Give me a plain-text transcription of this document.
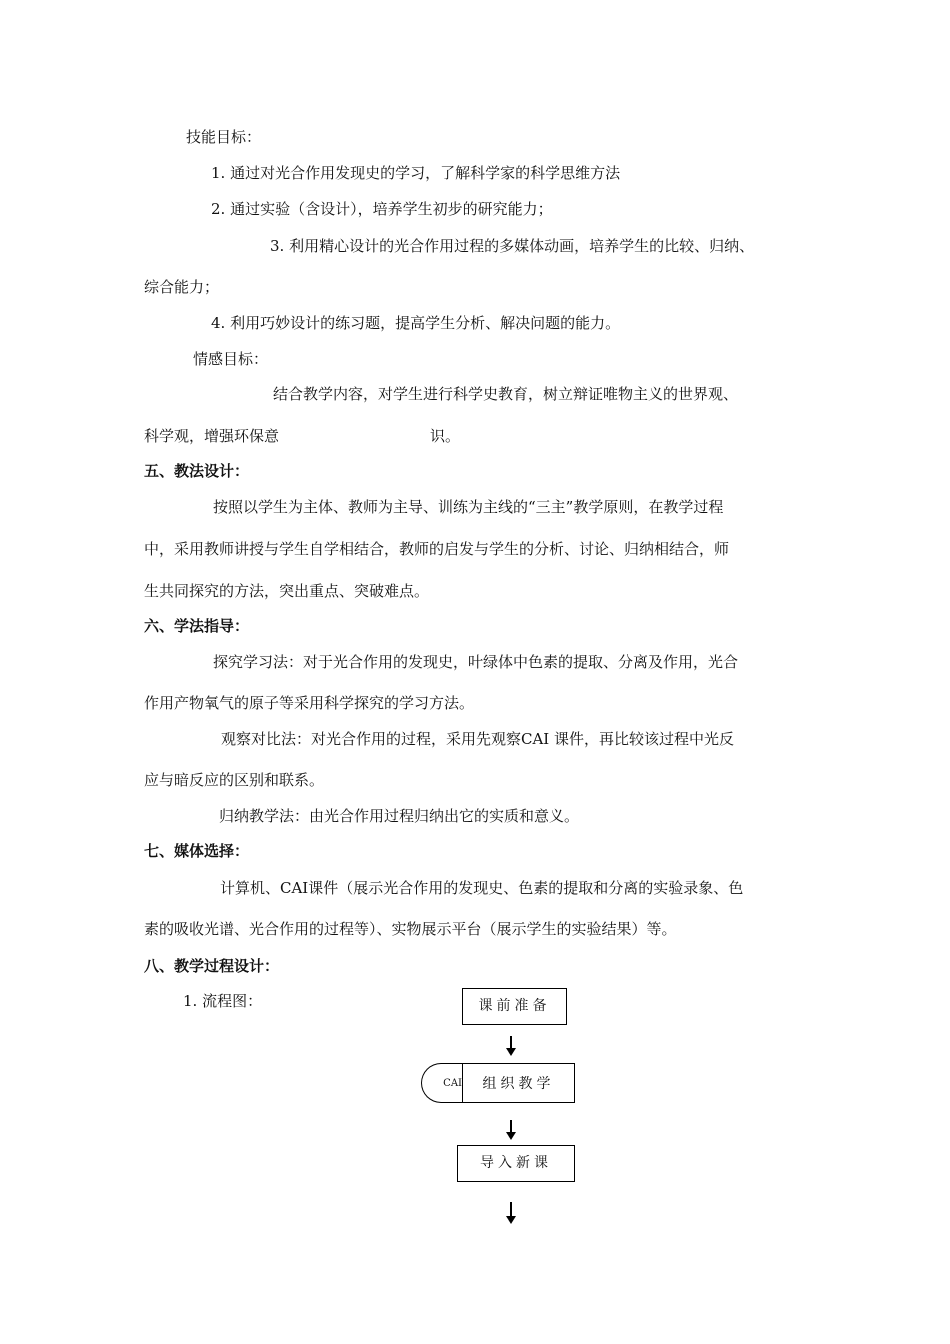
技能目标：
1. 通过对光合作用发现史的学习，了解科学家的科学思维方法
2. 通过实验（含设计），培养学生初步的研究能力；
3. 利用精心设计的光合作用过程的多媒体动画，培养学生的比较、归纳、
综合能力；
4. 利用巧妙设计的练习题，提高学生分析、解决问题的能力。
情感目标：
结合教学内容，对学生进行科学史教育，树立辩证唯物主义的世界观、
科学观，增强环保意	识。
五、教法设计：
按照以学生为主体、教师为主导、训练为主线的“三主”教学原则，在教学过程
中，采用教师讲授与学生自学相结合，教师的启发与学生的分析、讨论、归纳相结合，师
生共同探究的方法，突出重点、突破难点。
六、学法指导：
探究学习法：对于光合作用的发现史，叶绿体中色素的提取、分离及作用，光合
作用产物氧气的原子等采用科学探究的学习方法。
观察对比法：对光合作用的过程，采用先观察CAI 课件，再比较该过程中光反
应与暗反应的区别和联系。
归纳教学法：由光合作用过程归纳出它的实质和意义。
七、媒体选择：
计算机、CAI课件（展示光合作用的发现史、色素的提取和分离的实验录象、色
素的吸收光谱、光合作用的过程等）、实物展示平台（展示学生的实验结果）等。
八、教学过程设计：
1. 流程图：	课前准备
CAI	组织教学
导入新课
